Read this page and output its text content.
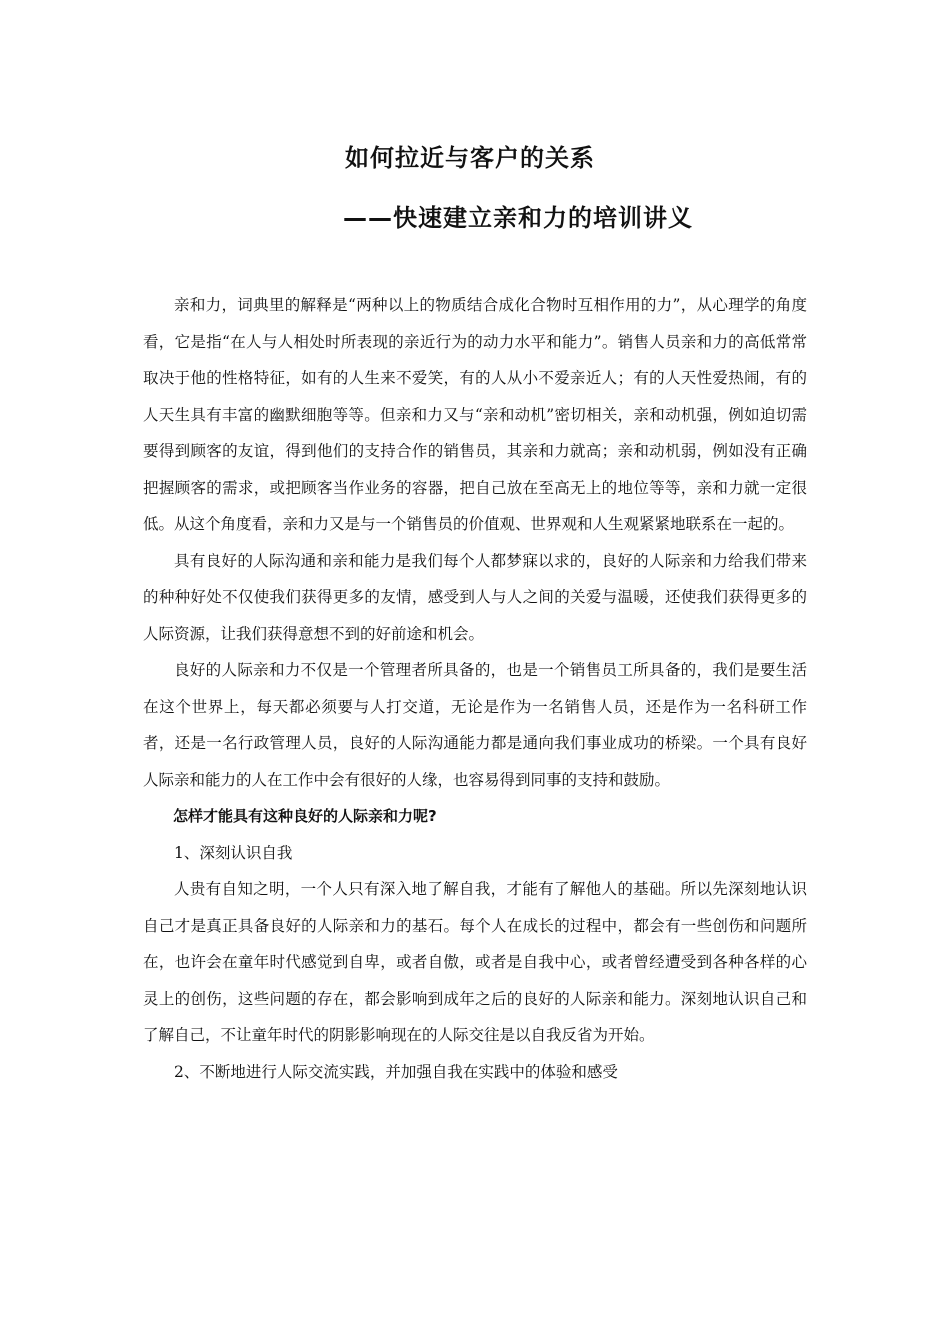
如何拉近与客户的关系
——快速建立亲和力的培训讲义

亲和力，词典里的解释是“两种以上的物质结合成化合物时互相作用的力”，从心理学的角度看，它是指“在人与人相处时所表现的亲近行为的动力水平和能力”。销售人员亲和力的高低常常取决于他的性格特征，如有的人生来不爱笑，有的人从小不爱亲近人；有的人天性爱热闹，有的人天生具有丰富的幽默细胞等等。但亲和力又与“亲和动机”密切相关，亲和动机强，例如迫切需要得到顾客的友谊，得到他们的支持合作的销售员，其亲和力就高；亲和动机弱，例如没有正确把握顾客的需求，或把顾客当作业务的容器，把自己放在至高无上的地位等等，亲和力就一定很低。从这个角度看，亲和力又是与一个销售员的价值观、世界观和人生观紧紧地联系在一起的。

具有良好的人际沟通和亲和能力是我们每个人都梦寐以求的，良好的人际亲和力给我们带来的种种好处不仅使我们获得更多的友情，感受到人与人之间的关爱与温暖，还使我们获得更多的人际资源，让我们获得意想不到的好前途和机会。

良好的人际亲和力不仅是一个管理者所具备的，也是一个销售员工所具备的，我们是要生活在这个世界上，每天都必须要与人打交道，无论是作为一名销售人员，还是作为一名科研工作者，还是一名行政管理人员，良好的人际沟通能力都是通向我们事业成功的桥梁。一个具有良好人际亲和能力的人在工作中会有很好的人缘，也容易得到同事的支持和鼓励。

怎样才能具有这种良好的人际亲和力呢?

1、深刻认识自我

人贵有自知之明，一个人只有深入地了解自我，才能有了解他人的基础。所以先深刻地认识自己才是真正具备良好的人际亲和力的基石。每个人在成长的过程中，都会有一些创伤和问题所在，也许会在童年时代感觉到自卑，或者自傲，或者是自我中心，或者曾经遭受到各种各样的心灵上的创伤，这些问题的存在，都会影响到成年之后的良好的人际亲和能力。深刻地认识自己和了解自己，不让童年时代的阴影影响现在的人际交往是以自我反省为开始。

2、不断地进行人际交流实践，并加强自我在实践中的体验和感受
